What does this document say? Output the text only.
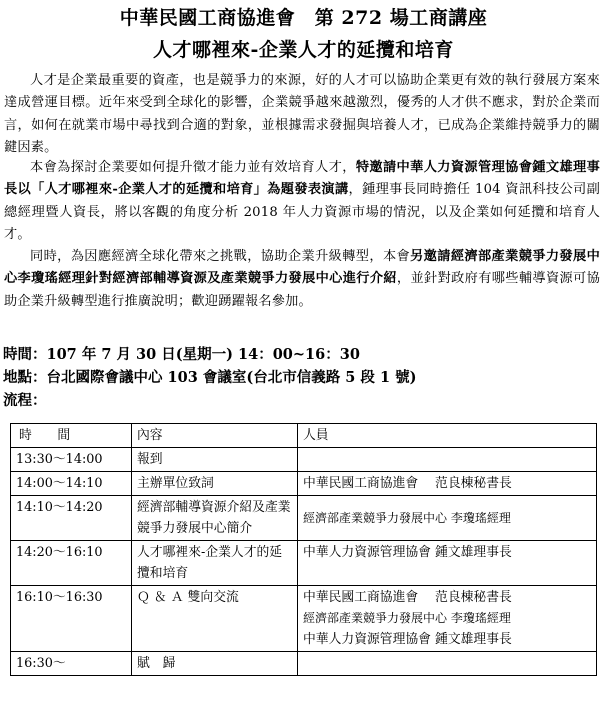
中華民國工商協進會　第 272 場工商講座
人才哪裡來-企業人才的延攬和培育

人才是企業最重要的資產，也是競爭力的來源，好的人才可以協助企業更有效的執行發展方案來達成營運目標。近年來受到全球化的影響，企業競爭越來越激烈，優秀的人才供不應求，對於企業而言，如何在就業市場中尋找到合適的對象，並根據需求發掘與培養人才，已成為企業維持競爭力的關鍵因素。

本會為探討企業要如何提升徵才能力並有效培育人才，特邀請中華人力資源管理協會鍾文雄理事長以「人才哪裡來-企業人才的延攬和培育」為題發表演講，鍾理事長同時擔任 104 資訊科技公司副總經理暨人資長，將以客觀的角度分析 2018 年人力資源市場的情況，以及企業如何延攬和培育人才。

同時，為因應經濟全球化帶來之挑戰，協助企業升級轉型，本會另邀請經濟部產業競爭力發展中心李瓊瑤經理針對經濟部輔導資源及產業競爭力發展中心進行介紹，並針對政府有哪些輔導資源可協助企業升級轉型進行推廣說明；歡迎踴躍報名參加。

時間：107 年 7 月 30 日(星期一) 14：00~16：30
地點：台北國際會議中心 103 會議室(台北市信義路 5 段 1 號)
流程：
時　　間	內容	人員
13:30～14:00	報到	
14:00～14:10	主辦單位致詞	中華民國工商協進會　 范良棟秘書長
14:10～14:20	經濟部輔導資源介紹及產業競爭力發展中心簡介	經濟部產業競爭力發展中心 李瓊瑤經理
14:20～16:10	人才哪裡來-企業人才的延攬和培育	中華人力資源管理協會 鍾文雄理事長
16:10～16:30	Ｑ ＆ Ａ 雙向交流	中華民國工商協進會　 范良棟秘書長
經濟部產業競爭力發展中心 李瓊瑤經理
中華人力資源管理協會 鍾文雄理事長

16:30～	賦　歸	
